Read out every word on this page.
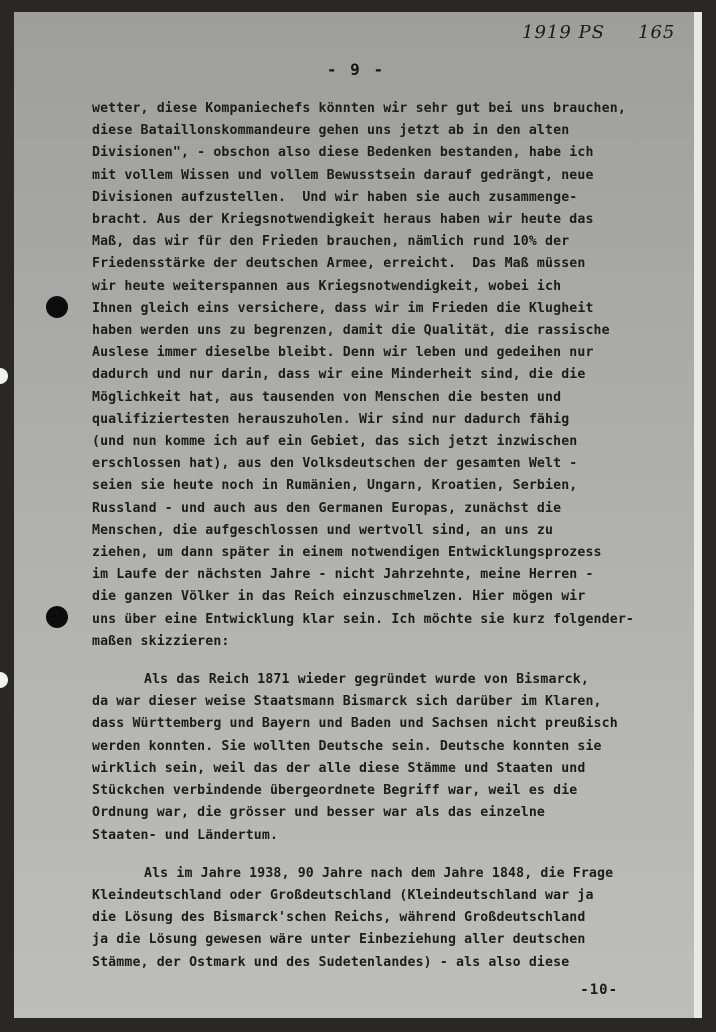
1919 PS 165
- 9 -
wetter, diese Kompaniechefs könnten wir sehr gut bei uns brauchen,
diese Bataillonskommandeure gehen uns jetzt ab in den alten
Divisionen", - obschon also diese Bedenken bestanden, habe ich
mit vollem Wissen und vollem Bewusstsein darauf gedrängt, neue
Divisionen aufzustellen.  Und wir haben sie auch zusammenge-
bracht. Aus der Kriegsnotwendigkeit heraus haben wir heute das
Maß, das wir für den Frieden brauchen, nämlich rund 10% der
Friedensstärke der deutschen Armee, erreicht.  Das Maß müssen
wir heute weiterspannen aus Kriegsnotwendigkeit, wobei ich
Ihnen gleich eins versichere, dass wir im Frieden die Klugheit
haben werden uns zu begrenzen, damit die Qualität, die rassische
Auslese immer dieselbe bleibt. Denn wir leben und gedeihen nur
dadurch und nur darin, dass wir eine Minderheit sind, die die
Möglichkeit hat, aus tausenden von Menschen die besten und
qualifiziertesten herauszuholen. Wir sind nur dadurch fähig
(und nun komme ich auf ein Gebiet, das sich jetzt inzwischen
erschlossen hat), aus den Volksdeutschen der gesamten Welt -
seien sie heute noch in Rumänien, Ungarn, Kroatien, Serbien,
Russland - und auch aus den Germanen Europas, zunächst die
Menschen, die aufgeschlossen und wertvoll sind, an uns zu
ziehen, um dann später in einem notwendigen Entwicklungsprozess
im Laufe der nächsten Jahre - nicht Jahrzehnte, meine Herren -
die ganzen Völker in das Reich einzuschmelzen. Hier mögen wir
uns über eine Entwicklung klar sein. Ich möchte sie kurz folgender-
maßen skizzieren:
Als das Reich 1871 wieder gegründet wurde von Bismarck,
da war dieser weise Staatsmann Bismarck sich darüber im Klaren,
dass Württemberg und Bayern und Baden und Sachsen nicht preußisch
werden konnten. Sie wollten Deutsche sein. Deutsche konnten sie
wirklich sein, weil das der alle diese Stämme und Staaten und
Stückchen verbindende übergeordnete Begriff war, weil es die
Ordnung war, die grösser und besser war als das einzelne
Staaten- und Ländertum.
Als im Jahre 1938, 90 Jahre nach dem Jahre 1848, die Frage
Kleindeutschland oder Großdeutschland (Kleindeutschland war ja
die Lösung des Bismarck'schen Reichs, während Großdeutschland
ja die Lösung gewesen wäre unter Einbeziehung aller deutschen
Stämme, der Ostmark und des Sudetenlandes) - als also diese
-10-
